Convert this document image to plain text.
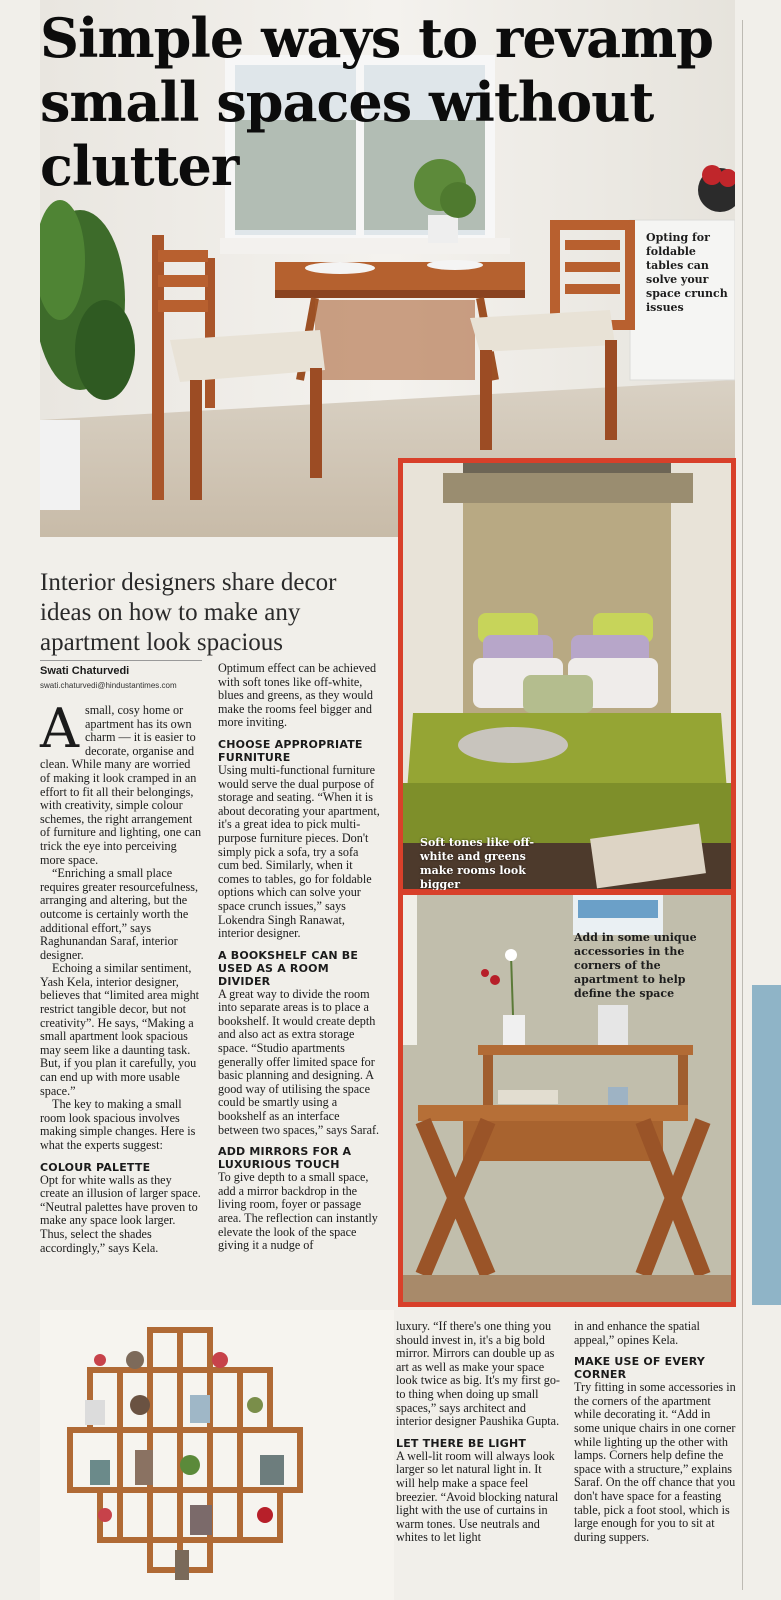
Simple ways to revamp small spaces without clutter
Opting for foldable tables can solve your space crunch issues
Soft tones like off-white and greens make rooms look bigger
Add in some unique accessories in the corners of the apartment to help define the space
Interior designers share decor ideas on how to make any apartment look spacious
Swati Chaturvedi
swati.chaturvedi@hindustantimes.com

Asmall, cosy home or apartment has its own charm — it is easier to decorate, organise and clean. While many are worried of making it look cramped in an effort to fit all their belongings, with creativity, simple colour schemes, the right arrangement of furniture and lighting, one can trick the eye into perceiving more space.

“Enriching a small place requires greater resourcefulness, arranging and altering, but the outcome is certainly worth the additional effort,” says Raghunandan Saraf, interior designer.

Echoing a similar sentiment, Yash Kela, interior designer, believes that “limited area might restrict tangible decor, but not creativity”. He says, “Making a small apartment look spacious may seem like a daunting task. But, if you plan it carefully, you can end up with more usable space.”

The key to making a small room look spacious involves making simple changes. Here is what the experts suggest:

COLOUR PALETTE

Opt for white walls as they create an illusion of larger space. “Neutral palettes have proven to make any space look larger. Thus, select the shades accordingly,” says Kela.

Optimum effect can be achieved with soft tones like off-white, blues and greens, as they would make the rooms feel bigger and more inviting.

CHOOSE APPROPRIATE FURNITURE

Using multi-functional furniture would serve the dual purpose of storage and seating. “When it is about decorating your apartment, it's a great idea to pick multi-purpose furniture pieces. Don't simply pick a sofa, try a sofa cum bed. Similarly, when it comes to tables, go for foldable options which can solve your space crunch issues,” says Lokendra Singh Ranawat, interior designer.

A BOOKSHELF CAN BE USED AS A ROOM DIVIDER

A great way to divide the room into separate areas is to place a bookshelf. It would create depth and also act as extra storage space. “Studio apartments generally offer limited space for basic planning and designing. A good way of utilising the space could be smartly using a bookshelf as an interface between two spaces,” says Saraf.

ADD MIRRORS FOR A LUXURIOUS TOUCH

To give depth to a small space, add a mirror backdrop in the living room, foyer or passage area. The reflection can instantly elevate the look of the space giving it a nudge of

luxury. “If there's one thing you should invest in, it's a big bold mirror. Mirrors can double up as art as well as make your space look twice as big. It's my first go-to thing when doing up small spaces,” says architect and interior designer Paushika Gupta.

LET THERE BE LIGHT

A well-lit room will always look larger so let natural light in. It will help make a space feel breezier. “Avoid blocking natural light with the use of curtains in warm tones. Use neutrals and whites to let light

in and enhance the spatial appeal,” opines Kela.

MAKE USE OF EVERY CORNER

Try fitting in some accessories in the corners of the apartment while decorating it. “Add in some unique chairs in one corner while lighting up the other with lamps. Corners help define the space with a structure,” explains Saraf. On the off chance that you don't have space for a feasting table, pick a foot stool, which is large enough for you to sit at during suppers.
